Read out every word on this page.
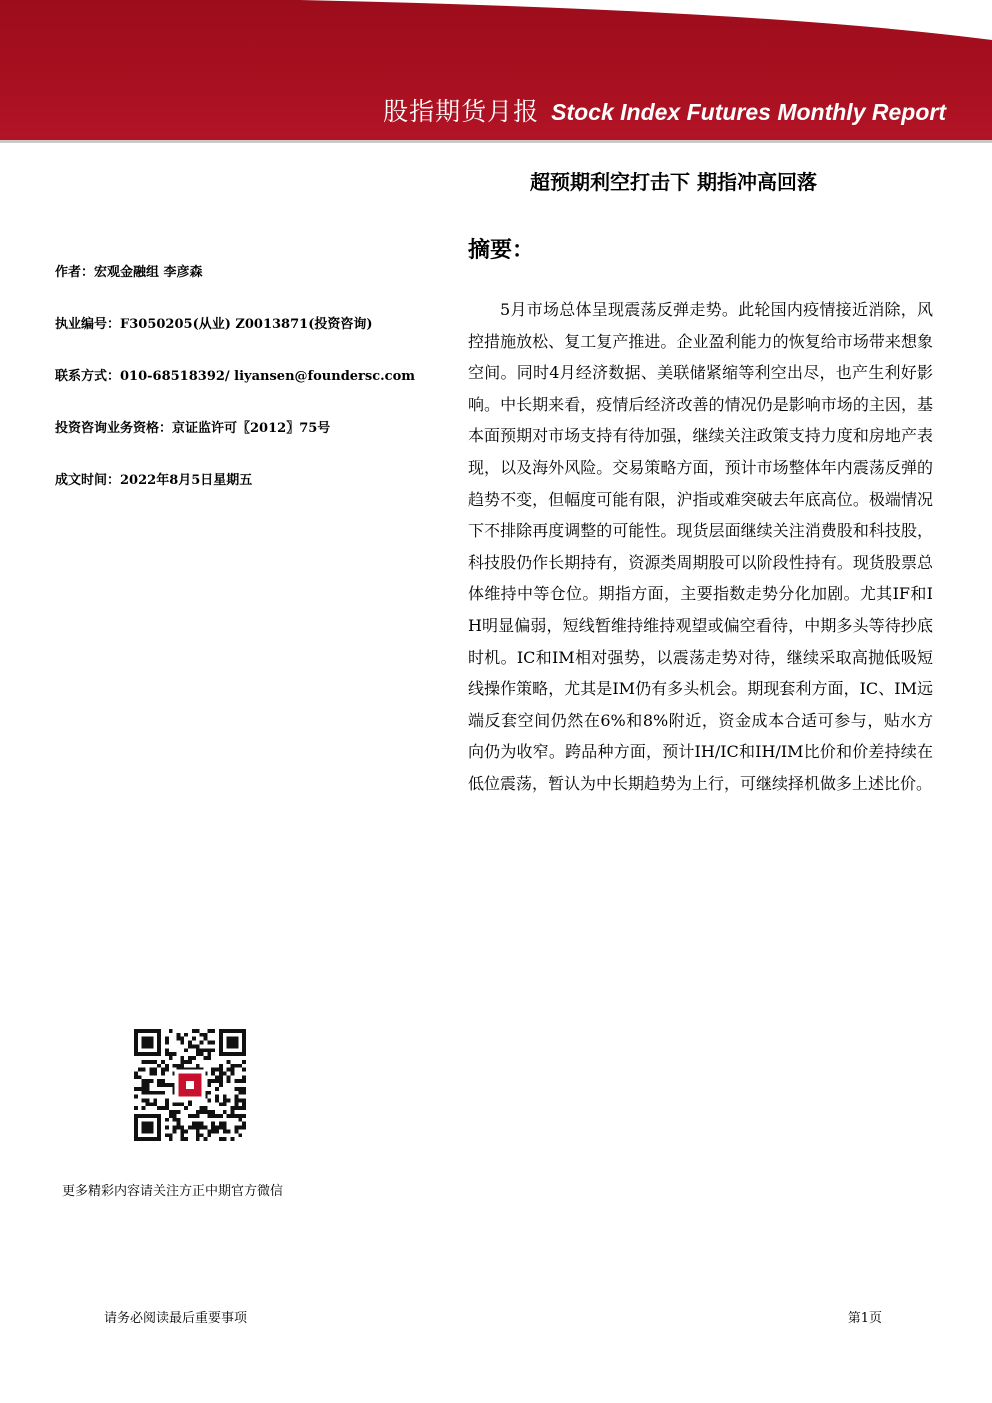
股指期货月报 Stock Index Futures Monthly Report
超预期利空打击下 期指冲高回落
摘要：
作者：宏观金融组 李彦森
执业编号：F3050205(从业) Z0013871(投资咨询)
联系方式：010-68518392/ liyansen@foundersc.com
投资咨询业务资格：京证监许可〖2012〗75号
成文时间：2022年8月5日星期五

5月市场总体呈现震荡反弹走势。此轮国内疫情接近消除，风控措施放松、复工复产推进。企业盈利能力的恢复给市场带来想象空间。同时4月经济数据、美联储紧缩等利空出尽，也产生利好影响。中长期来看，疫情后经济改善的情况仍是影响市场的主因，基本面预期对市场支持有待加强，继续关注政策支持力度和房地产表现，以及海外风险。交易策略方面，预计市场整体年内震荡反弹的趋势不变，但幅度可能有限，沪指或难突破去年底高位。极端情况下不排除再度调整的可能性。现货层面继续关注消费股和科技股，科技股仍作长期持有，资源类周期股可以阶段性持有。现货股票总体维持中等仓位。期指方面，主要指数走势分化加剧。尤其IF和IH明显偏弱，短线暂维持维持观望或偏空看待，中期多头等待抄底时机。IC和IM相对强势，以震荡走势对待，继续采取高抛低吸短线操作策略，尤其是IM仍有多头机会。期现套利方面，IC、IM远端反套空间仍然在6%和8%附近，资金成本合适可参与，贴水方向仍为收窄。跨品种方面，预计IH/IC和IH/IM比价和价差持续在低位震荡，暂认为中长期趋势为上行，可继续择机做多上述比价。

更多精彩内容请关注方正中期官方微信
请务必阅读最后重要事项	第1页
